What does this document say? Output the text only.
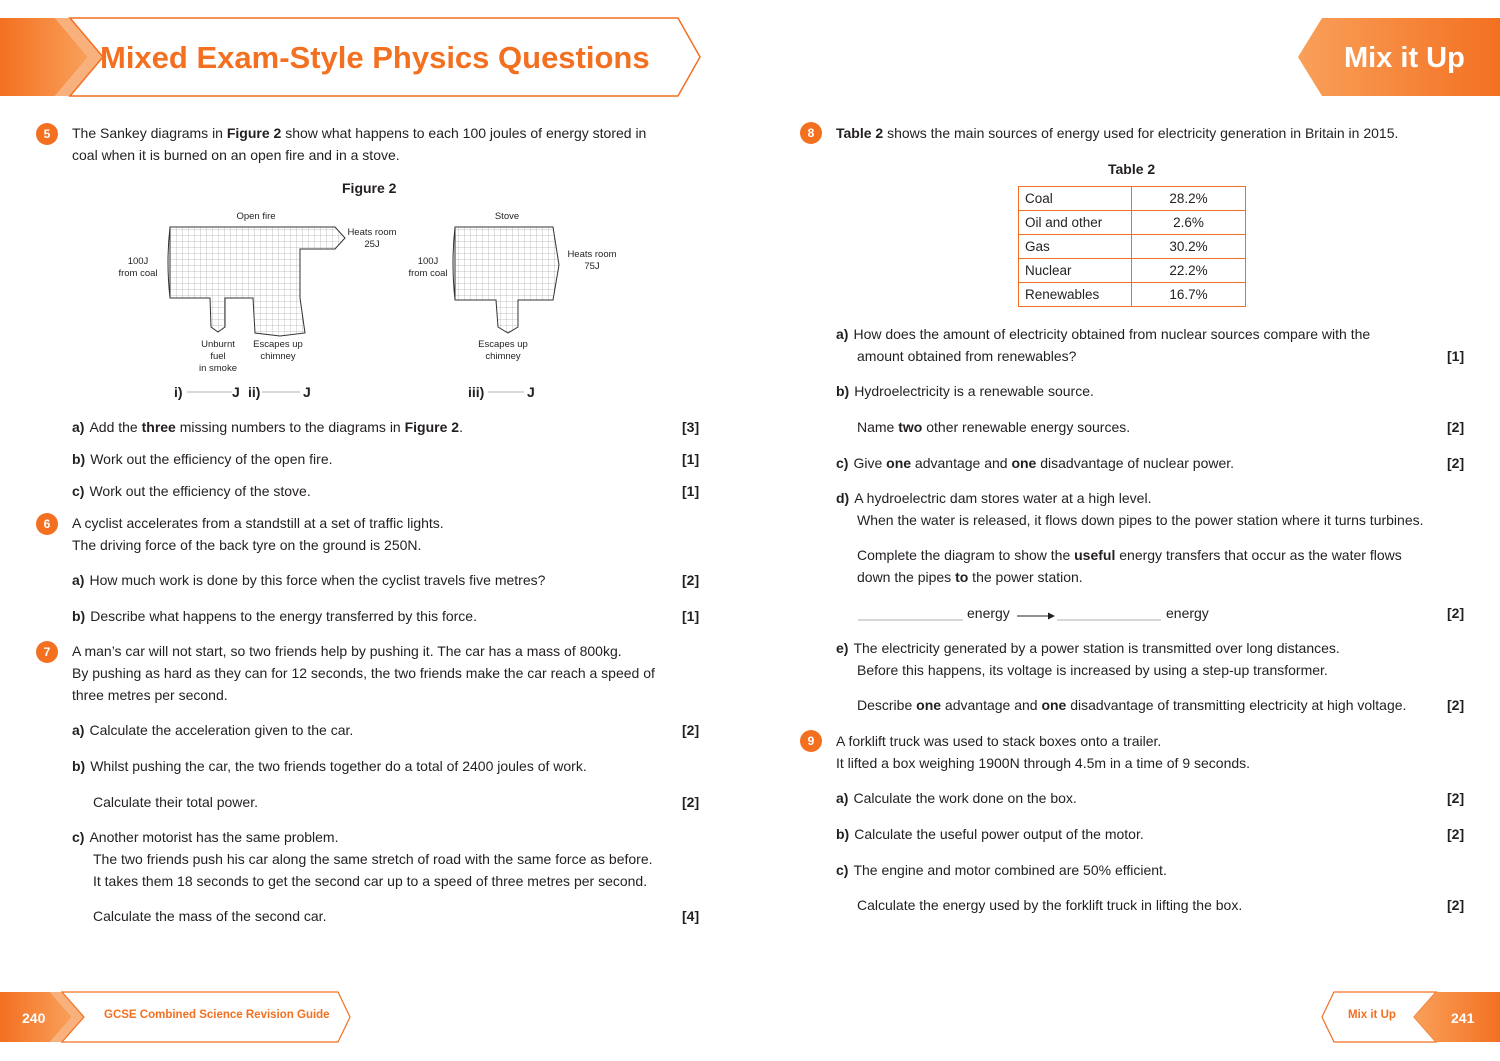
Mixed Exam-Style Physics Questions	Mix it Up
5	The Sankey diagrams in Figure 2 show what happens to each 100 joules of energy stored in
coal when it is burned on an open fire and in a stove.
Figure 2
Open fire
100J
from coal
Heats room
25J
Unburnt
fuel
in smoke
Escapes up
chimney
Stove
100J
from coal
Heats room
75J
Escapes up
chimney
i)	J ii)	J	iii)	J
a) Add the three missing numbers to the diagrams in Figure 2.	[3]
b) Work out the efficiency of the open fire.	[1]
c) Work out the efficiency of the stove.	[1]
6	A cyclist accelerates from a standstill at a set of traffic lights.
The driving force of the back tyre on the ground is 250N.
a) How much work is done by this force when the cyclist travels five metres?	[2]
b) Describe what happens to the energy transferred by this force.	[1]
7	A man’s car will not start, so two friends help by pushing it. The car has a mass of 800kg.
By pushing as hard as they can for 12 seconds, the two friends make the car reach a speed of
three metres per second.
a) Calculate the acceleration given to the car.	[2]
b) Whilst pushing the car, the two friends together do a total of 2400 joules of work.
Calculate their total power.	[2]
c) Another motorist has the same problem.
The two friends push his car along the same stretch of road with the same force as before.
It takes them 18 seconds to get the second car up to a speed of three metres per second.
Calculate the mass of the second car.	[4]
8	Table 2 shows the main sources of energy used for electricity generation in Britain in 2015.
Table 2
Coal	28.2%
Oil and other	2.6%
Gas	30.2%
Nuclear	22.2%
Renewables	16.7%
a) How does the amount of electricity obtained from nuclear sources compare with the
amount obtained from renewables?	[1]
b) Hydroelectricity is a renewable source.
Name two other renewable energy sources.	[2]
c) Give one advantage and one disadvantage of nuclear power.	[2]
d) A hydroelectric dam stores water at a high level.
When the water is released, it flows down pipes to the power station where it turns turbines.
Complete the diagram to show the useful energy transfers that occur as the water flows
down the pipes to the power station.
energy	energy	[2]
e) The electricity generated by a power station is transmitted over long distances.
Before this happens, its voltage is increased by using a step-up transformer.
Describe one advantage and one disadvantage of transmitting electricity at high voltage.	[2]
9	A forklift truck was used to stack boxes onto a trailer.
It lifted a box weighing 1900N through 4.5m in a time of 9 seconds.
a) Calculate the work done on the box.	[2]
b) Calculate the useful power output of the motor.	[2]
c) The engine and motor combined are 50% efficient.
Calculate the energy used by the forklift truck in lifting the box.	[2]
240	GCSE Combined Science Revision Guide	Mix it Up	241
